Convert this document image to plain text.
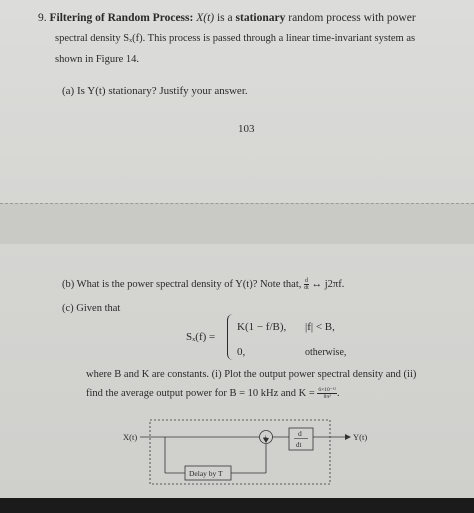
9. Filtering of Random Process: X(t) is a stationary random process with power
spectral density Sₓ(f). This process is passed through a linear time-invariant system as
shown in Figure 14.
(a) Is Y(t) stationary? Justify your answer.
103
(b) What is the power spectral density of Y(t)? Note that, $\frac{d}{dt}$ ↔ j2πf.
(c) Given that
Sₓ(f) =
K(1 − f/B), |f| < B,
0,	otherwise,
where B and K are constants. (i) Plot the output power spectral density and (ii)
find the average output power for B = 10 kHz and $K = \frac{\text{6×10⁻¹²}}{\text{8π²}}$ .
X(t)	Y(t)
+	d
dt
Delay by T
